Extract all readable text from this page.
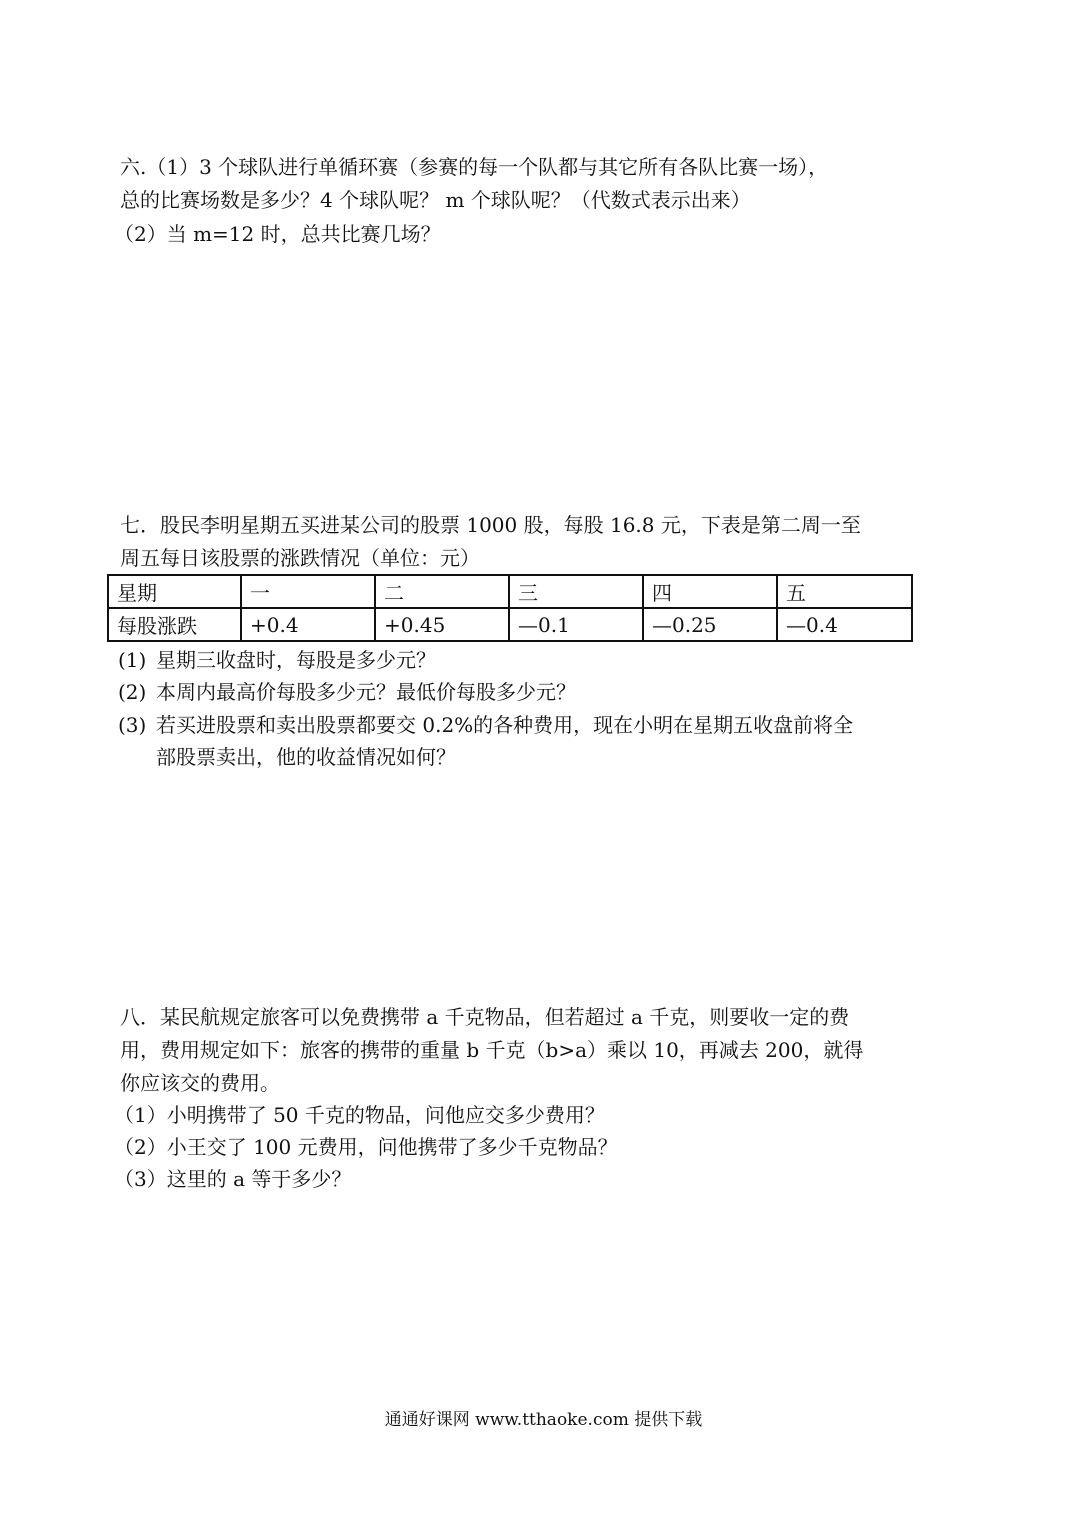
六.（1）3 个球队进行单循环赛（参赛的每一个队都与其它所有各队比赛一场），
总的比赛场数是多少？4 个球队呢？ m 个球队呢？（代数式表示出来）
（2）当 m=12 时，总共比赛几场？
七．股民李明星期五买进某公司的股票 1000 股，每股 16.8 元，下表是第二周一至
周五每日该股票的涨跌情况（单位：元）
星期	一	二	三	四	五
每股涨跌	+0.4	+0.45	—0.1	—0.25	—0.4
(1) 星期三收盘时，每股是多少元？
(2) 本周内最高价每股多少元？最低价每股多少元？
(3) 若买进股票和卖出股票都要交 0.2%的各种费用，现在小明在星期五收盘前将全
部股票卖出，他的收益情况如何？
八．某民航规定旅客可以免费携带 a 千克物品，但若超过 a 千克，则要收一定的费
用，费用规定如下：旅客的携带的重量 b 千克（b>a）乘以 10，再减去 200，就得
你应该交的费用。
（1）小明携带了 50 千克的物品，问他应交多少费用？
（2）小王交了 100 元费用，问他携带了多少千克物品？
（3）这里的 a 等于多少？
通通好课网 www.tthaoke.com 提供下载
